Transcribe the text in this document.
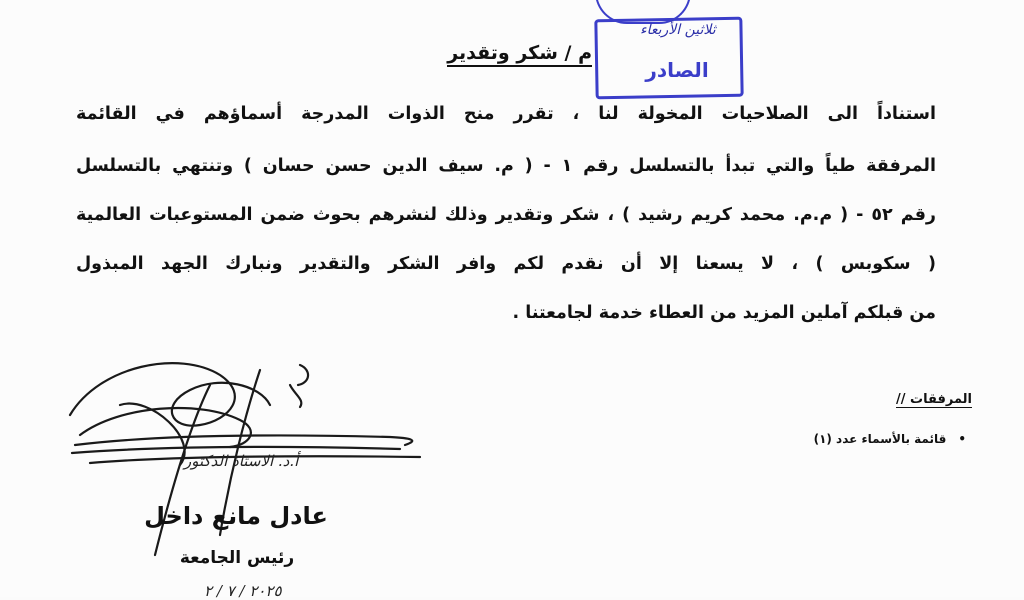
ثلاثين الأربعاء
الصادر
م / شكر وتقدير
استناداً الى الصلاحيات المخولة لنا ، تقرر منح الذوات المدرجة أسماؤهم في القائمة
المرفقة طياً والتي تبدأ بالتسلسل رقم ١ - ( م. سيف الدين حسن حسان ) وتنتهي بالتسلسل
رقم ٥٢ - ( م.م. محمد كريم رشيد ) ، شكر وتقدير وذلك لنشرهم بحوث ضمن المستوعبات العالمية
( سكوبس ) ، لا يسعنا إلا أن نقدم لكم وافر الشكر والتقدير ونبارك الجهد المبذول
من قبلكم آملين المزيد من العطاء خدمة لجامعتنا .
المرفقات //
• قائمة بالأسماء عدد (١)
أ.د. الاستاذ الدكتور
عادل مانع داخل
رئيس الجامعة
٢٠٢٥ / ٧ / ٢
